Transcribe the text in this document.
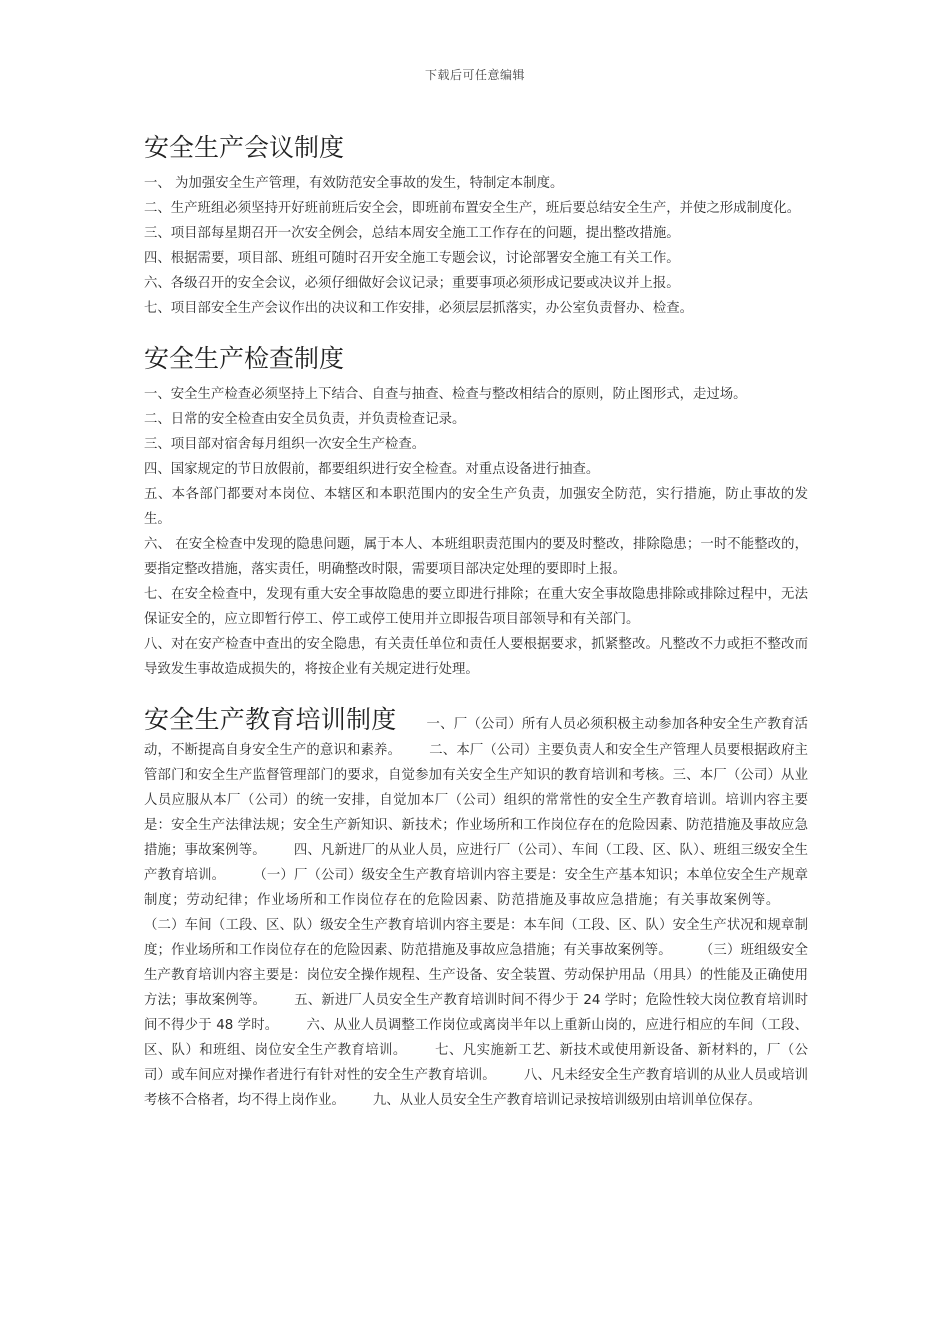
下载后可任意编辑
安全生产会议制度

一、 为加强安全生产管理，有效防范安全事故的发生，特制定本制度。

二、生产班组必须坚持开好班前班后安全会，即班前布置安全生产，班后要总结安全生产，并使之形成制度化。

三、项目部每星期召开一次安全例会，总结本周安全施工工作存在的问题，提出整改措施。

四、根据需要，项目部、班组可随时召开安全施工专题会议，讨论部署安全施工有关工作。

六、各级召开的安全会议，必须仔细做好会议记录；重要事项必须形成记要或决议并上报。

七、项目部安全生产会议作出的决议和工作安排，必须层层抓落实，办公室负责督办、检查。

安全生产检查制度

一、安全生产检查必须坚持上下结合、自查与抽查、检查与整改相结合的原则，防止图形式，走过场。

二、日常的安全检查由安全员负责，并负责检查记录。

三、项目部对宿舍每月组织一次安全生产检查。

四、国家规定的节日放假前，都要组织进行安全检查。对重点设备进行抽查。

五、本各部门都要对本岗位、本辖区和本职范围内的安全生产负责，加强安全防范，实行措施，防止事故的发生。

六、 在安全检查中发现的隐患问题，属于本人、本班组职责范围内的要及时整改，排除隐患；一时不能整改的，要指定整改措施，落实责任，明确整改时限，需要项目部决定处理的要即时上报。

七、在安全检查中，发现有重大安全事故隐患的要立即进行排除；在重大安全事故隐患排除或排除过程中，无法保证安全的，应立即暂行停工、停工或停工使用并立即报告项目部领导和有关部门。

八、对在安产检查中查出的安全隐患，有关责任单位和责任人要根据要求，抓紧整改。凡整改不力或拒不整改而导致发生事故造成损失的，将按企业有关规定进行处理。

安全生产教育培训制度 一、厂（公司）所有人员必须积极主动参加各种安全生产教育活动，不断提高自身安全生产的意识和素养。 二、本厂（公司）主要负责人和安全生产管理人员要根据政府主管部门和安全生产监督管理部门的要求，自觉参加有关安全生产知识的教育培训和考核。三、本厂（公司）从业人员应服从本厂（公司）的统一安排，自觉加本厂（公司）组织的常常性的安全生产教育培训。培训内容主要是：安全生产法律法规；安全生产新知识、新技术；作业场所和工作岗位存在的危险因素、防范措施及事故应急措施；事故案例等。 四、凡新进厂的从业人员，应进行厂（公司）、车间（工段、区、队）、班组三级安全生产教育培训。 （一）厂（公司）级安全生产教育培训内容主要是：安全生产基本知识；本单位安全生产规章制度；劳动纪律；作业场所和工作岗位存在的危险因素、防范措施及事故应急措施；有关事故案例等。（二）车间（工段、区、队）级安全生产教育培训内容主要是：本车间（工段、区、队）安全生产状况和规章制度；作业场所和工作岗位存在的危险因素、防范措施及事故应急措施；有关事故案例等。 （三）班组级安全生产教育培训内容主要是：岗位安全操作规程、生产设备、安全装置、劳动保护用品（用具）的性能及正确使用方法；事故案例等。 五、新进厂人员安全生产教育培训时间不得少于 24 学时；危险性较大岗位教育培训时间不得少于 48 学时。 六、从业人员调整工作岗位或离岗半年以上重新山岗的，应进行相应的车间（工段、区、队）和班组、岗位安全生产教育培训。 七、凡实施新工艺、新技术或使用新设备、新材料的，厂（公司）或车间应对操作者进行有针对性的安全生产教育培训。 八、凡未经安全生产教育培训的从业人员或培训考核不合格者，均不得上岗作业。 九、从业人员安全生产教育培训记录按培训级别由培训单位保存。
